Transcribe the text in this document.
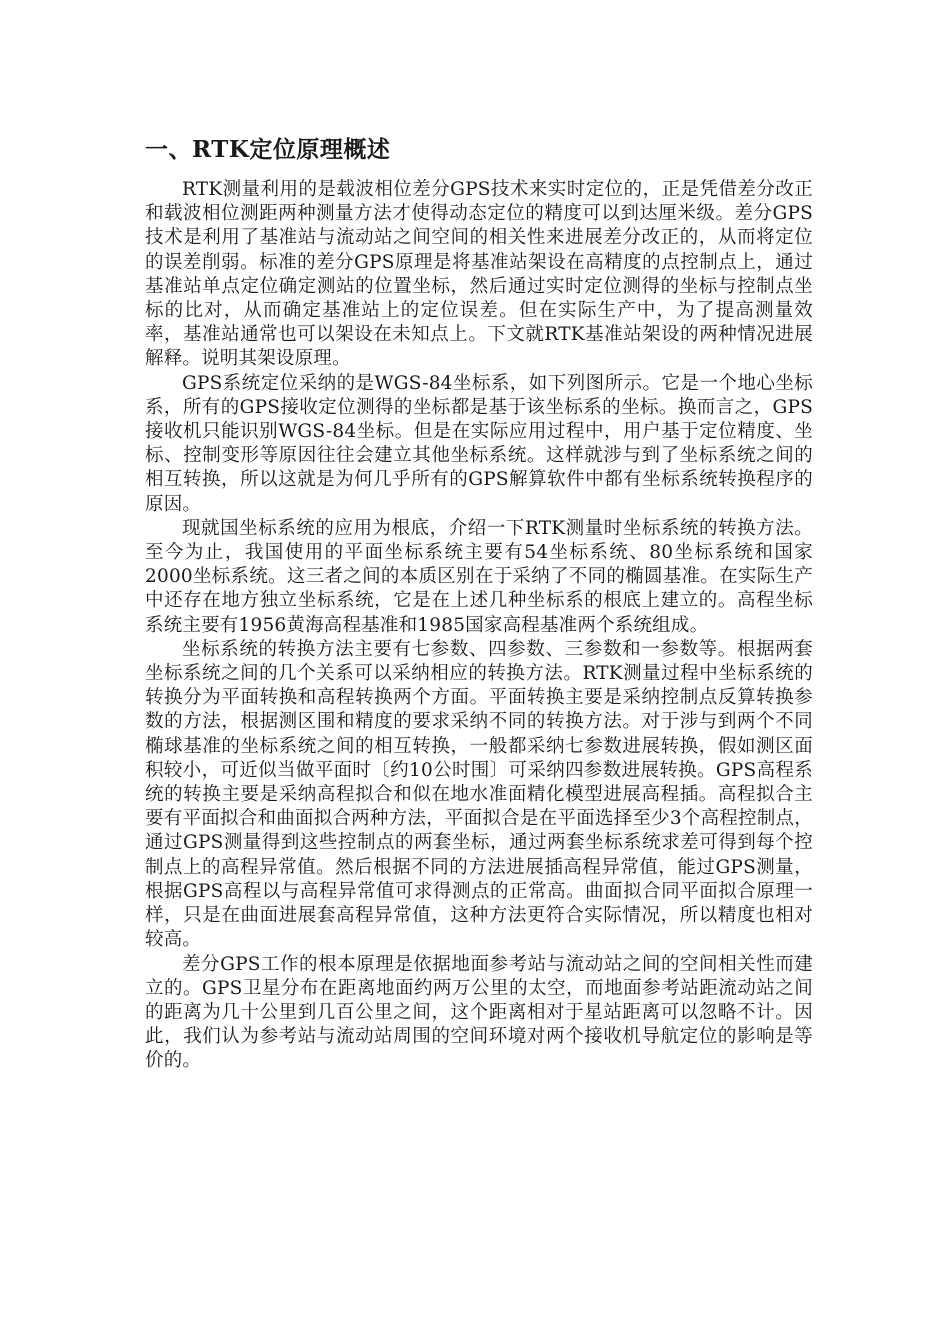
一、RTK定位原理概述

RTK测量利用的是载波相位差分GPS技术来实时定位的，正是凭借差分改正和载波相位测距两种测量方法才使得动态定位的精度可以到达厘米级。差分GPS技术是利用了基准站与流动站之间空间的相关性来进展差分改正的，从而将定位的误差削弱。标准的差分GPS原理是将基准站架设在高精度的点控制点上，通过基准站单点定位确定测站的位置坐标，然后通过实时定位测得的坐标与控制点坐标的比对，从而确定基准站上的定位误差。但在实际生产中，为了提高测量效率，基准站通常也可以架设在未知点上。下文就RTK基准站架设的两种情况进展解释。说明其架设原理。

GPS系统定位采纳的是WGS-84坐标系，如下列图所示。它是一个地心坐标系，所有的GPS接收定位测得的坐标都是基于该坐标系的坐标。换而言之，GPS接收机只能识别WGS-84坐标。但是在实际应用过程中，用户基于定位精度、坐标、控制变形等原因往往会建立其他坐标系统。这样就涉与到了坐标系统之间的相互转换，所以这就是为何几乎所有的GPS解算软件中都有坐标系统转换程序的原因。

现就国坐标系统的应用为根底，介绍一下RTK测量时坐标系统的转换方法。至今为止，我国使用的平面坐标系统主要有54坐标系统、80坐标系统和国家2000坐标系统。这三者之间的本质区别在于采纳了不同的椭圆基准。在实际生产中还存在地方独立坐标系统，它是在上述几种坐标系的根底上建立的。高程坐标系统主要有1956黄海高程基准和1985国家高程基准两个系统组成。

坐标系统的转换方法主要有七参数、四参数、三参数和一参数等。根据两套坐标系统之间的几个关系可以采纳相应的转换方法。RTK测量过程中坐标系统的转换分为平面转换和高程转换两个方面。平面转换主要是采纳控制点反算转换参数的方法，根据测区围和精度的要求采纳不同的转换方法。对于涉与到两个不同椭球基准的坐标系统之间的相互转换，一般都采纳七参数进展转换，假如测区面积较小，可近似当做平面时〔约10公时围〕可采纳四参数进展转换。GPS高程系统的转换主要是采纳高程拟合和似在地水准面精化模型进展高程插。高程拟合主要有平面拟合和曲面拟合两种方法，平面拟合是在平面选择至少3个高程控制点，通过GPS测量得到这些控制点的两套坐标，通过两套坐标系统求差可得到每个控制点上的高程异常值。然后根据不同的方法进展插高程异常值，能过GPS测量，根据GPS高程以与高程异常值可求得测点的正常高。曲面拟合同平面拟合原理一样，只是在曲面进展套高程异常值，这种方法更符合实际情况，所以精度也相对较高。

差分GPS工作的根本原理是依据地面参考站与流动站之间的空间相关性而建立的。GPS卫星分布在距离地面约两万公里的太空，而地面参考站距流动站之间的距离为几十公里到几百公里之间，这个距离相对于星站距离可以忽略不计。因此，我们认为参考站与流动站周围的空间环境对两个接收机导航定位的影响是等价的。
